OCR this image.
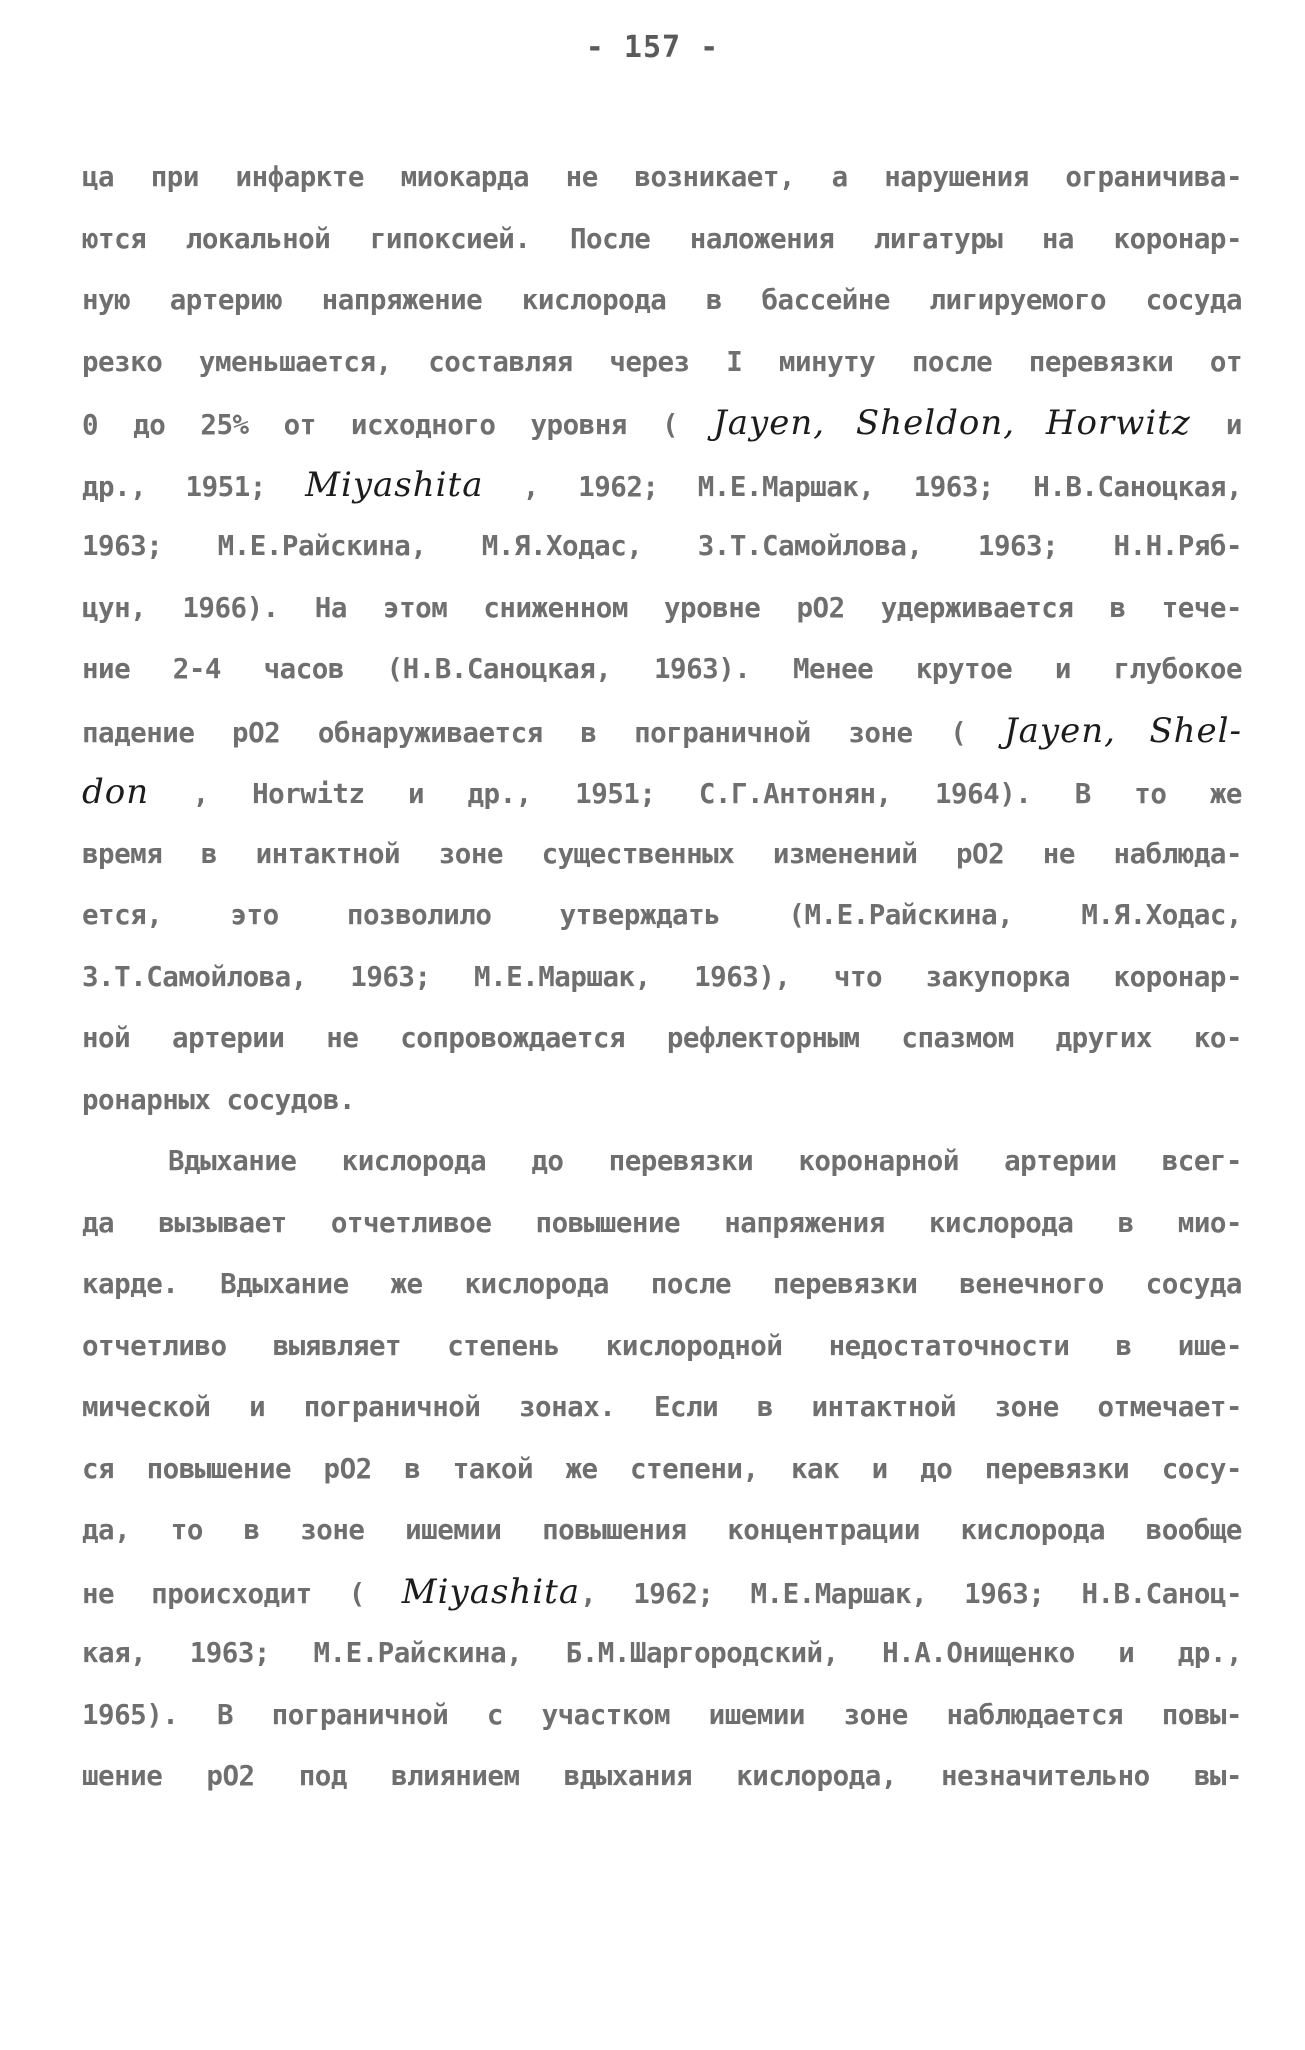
- 157 -
ца при инфаркте миокарда не возникает, а нарушения ограничива-
ются локальной гипоксией. После наложения лигатуры на коронар-
ную артерию напряжение кислорода в бассейне лигируемого сосуда
резко уменьшается, составляя через I минуту после перевязки от
0 до 25% от исходного уровня ( Jayen, Sheldon, Horwitz и
др., 1951; Miyashita , 1962; М.Е.Маршак, 1963; Н.В.Саноцкая,
1963; М.Е.Райскина, М.Я.Ходас, З.Т.Самойлова, 1963; Н.Н.Ряб-
цун, 1966). На этом сниженном уровне pO2 удерживается в тече-
ние 2-4 часов (Н.В.Саноцкая, 1963). Менее крутое и глубокое
падение pO2 обнаруживается в пограничной зоне ( Jayen, Shel-
don , Horwitz и др., 1951; С.Г.Антонян, 1964). В то же
время в интактной зоне существенных изменений pO2 не наблюда-
ется, это позволило утверждать (М.Е.Райскина, М.Я.Ходас,
З.Т.Самойлова, 1963; М.Е.Маршак, 1963), что закупорка коронар-
ной артерии не сопровождается рефлекторным спазмом других ко-
ронарных сосудов.
Вдыхание кислорода до перевязки коронарной артерии всег-
да вызывает отчетливое повышение напряжения кислорода в мио-
карде. Вдыхание же кислорода после перевязки венечного сосуда
отчетливо выявляет степень кислородной недостаточности в ише-
мической и пограничной зонах. Если в интактной зоне отмечает-
ся повышение pO2 в такой же степени, как и до перевязки сосу-
да, то в зоне ишемии повышения концентрации кислорода вообще
не происходит ( Miyashita, 1962; М.Е.Маршак, 1963; Н.В.Саноц-
кая, 1963; М.Е.Райскина, Б.М.Шаргородский, Н.А.Онищенко и др.,
1965). В пограничной с участком ишемии зоне наблюдается повы-
шение pO2 под влиянием вдыхания кислорода, незначительно вы-
